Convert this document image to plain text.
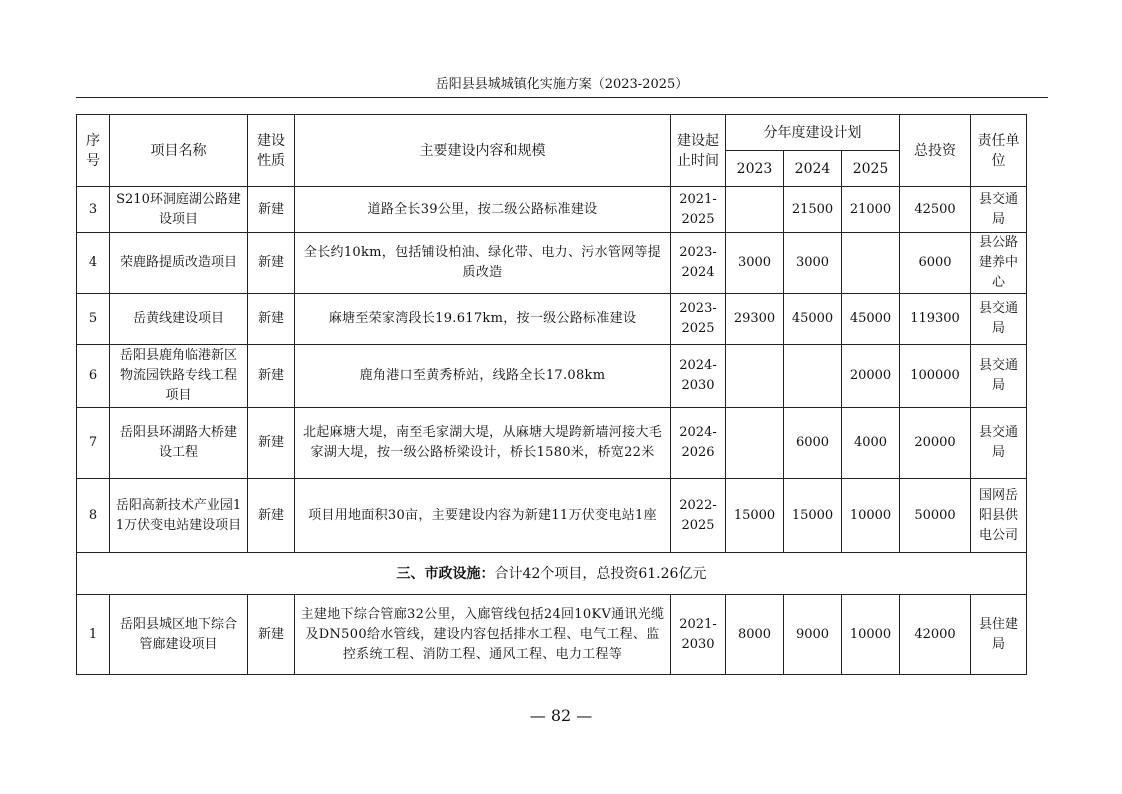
岳阳县县城城镇化实施方案（2023-2025）
序号	项目名称	建设性质	主要建设内容和规模	建设起止时间	分年度建设计划			总投资	责任单位
					2023	2024	2025		
3	S210环洞庭湖公路建设项目	新建	道路全长39公里，按二级公路标准建设	2021-2025		21500	21000	42500	县交通局
4	荣鹿路提质改造项目	新建	全长约10km，包括铺设柏油、绿化带、电力、污水管网等提质改造	2023-2024	3000	3000		6000	县公路建养中心
5	岳黄线建设项目	新建	麻塘至荣家湾段长19.617km，按一级公路标准建设	2023-2025	29300	45000	45000	119300	县交通局
6	岳阳县鹿角临港新区物流园铁路专线工程项目	新建	鹿角港口至黄秀桥站，线路全长17.08km	2024-2030			20000	100000	县交通局
7	岳阳县环湖路大桥建设工程	新建	北起麻塘大堤，南至毛家湖大堤，从麻塘大堤跨新墙河接大毛家湖大堤，按一级公路桥梁设计，桥长1580米，桥宽22米	2024-2026		6000	4000	20000	县交通局
8	岳阳高新技术产业园11万伏变电站建设项目	新建	项目用地面积30亩，主要建设内容为新建11万伏变电站1座	2022-2025	15000	15000	10000	50000	国网岳阳县供电公司
三、市政设施：合计42个项目，总投资61.26亿元									
1	岳阳县城区地下综合管廊建设项目	新建	主建地下综合管廊32公里，入廊管线包括24回10KV通讯光缆及DN500给水管线，建设内容包括排水工程、电气工程、监控系统工程、消防工程、通风工程、电力工程等	2021-2030	8000	9000	10000	42000	县住建局
— 82 —
